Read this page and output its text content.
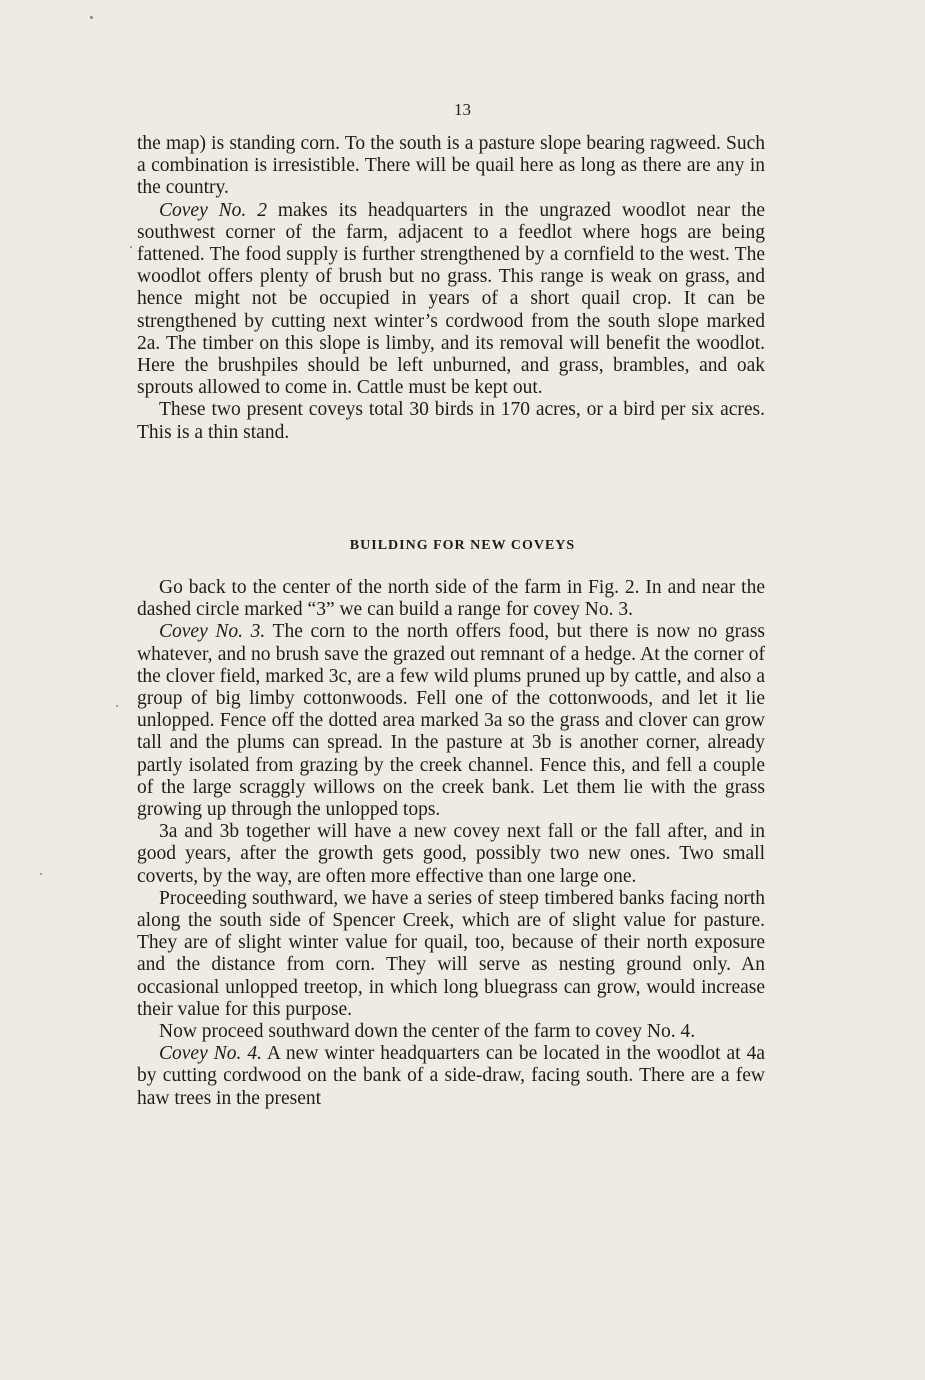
13

the map) is standing corn. To the south is a pasture slope bearing ragweed. Such a combination is irresistible. There will be quail here as long as there are any in the country.

Covey No. 2 makes its headquarters in the ungrazed woodlot near the southwest corner of the farm, adjacent to a feedlot where hogs are being fattened. The food supply is further strengthened by a cornfield to the west. The woodlot offers plenty of brush but no grass. This range is weak on grass, and hence might not be occupied in years of a short quail crop. It can be strengthened by cutting next winter’s cordwood from the south slope marked 2a. The timber on this slope is limby, and its removal will benefit the woodlot. Here the brushpiles should be left unburned, and grass, brambles, and oak sprouts allowed to come in. Cattle must be kept out.

These two present coveys total 30 birds in 170 acres, or a bird per six acres. This is a thin stand.

BUILDING FOR NEW COVEYS

Go back to the center of the north side of the farm in Fig. 2. In and near the dashed circle marked “3” we can build a range for covey No. 3.

Covey No. 3. The corn to the north offers food, but there is now no grass whatever, and no brush save the grazed out remnant of a hedge. At the corner of the clover field, marked 3c, are a few wild plums pruned up by cattle, and also a group of big limby cottonwoods. Fell one of the cottonwoods, and let it lie unlopped. Fence off the dotted area marked 3a so the grass and clover can grow tall and the plums can spread. In the pasture at 3b is another corner, already partly isolated from grazing by the creek channel. Fence this, and fell a couple of the large scraggly willows on the creek bank. Let them lie with the grass growing up through the unlopped tops.

3a and 3b together will have a new covey next fall or the fall after, and in good years, after the growth gets good, possibly two new ones. Two small coverts, by the way, are often more effective than one large one.

Proceeding southward, we have a series of steep timbered banks facing north along the south side of Spencer Creek, which are of slight value for pasture. They are of slight winter value for quail, too, because of their north exposure and the distance from corn. They will serve as nesting ground only. An occasional unlopped treetop, in which long bluegrass can grow, would increase their value for this purpose.

Now proceed southward down the center of the farm to covey No. 4.

Covey No. 4. A new winter headquarters can be located in the woodlot at 4a by cutting cordwood on the bank of a side-draw, facing south. There are a few haw trees in the present
